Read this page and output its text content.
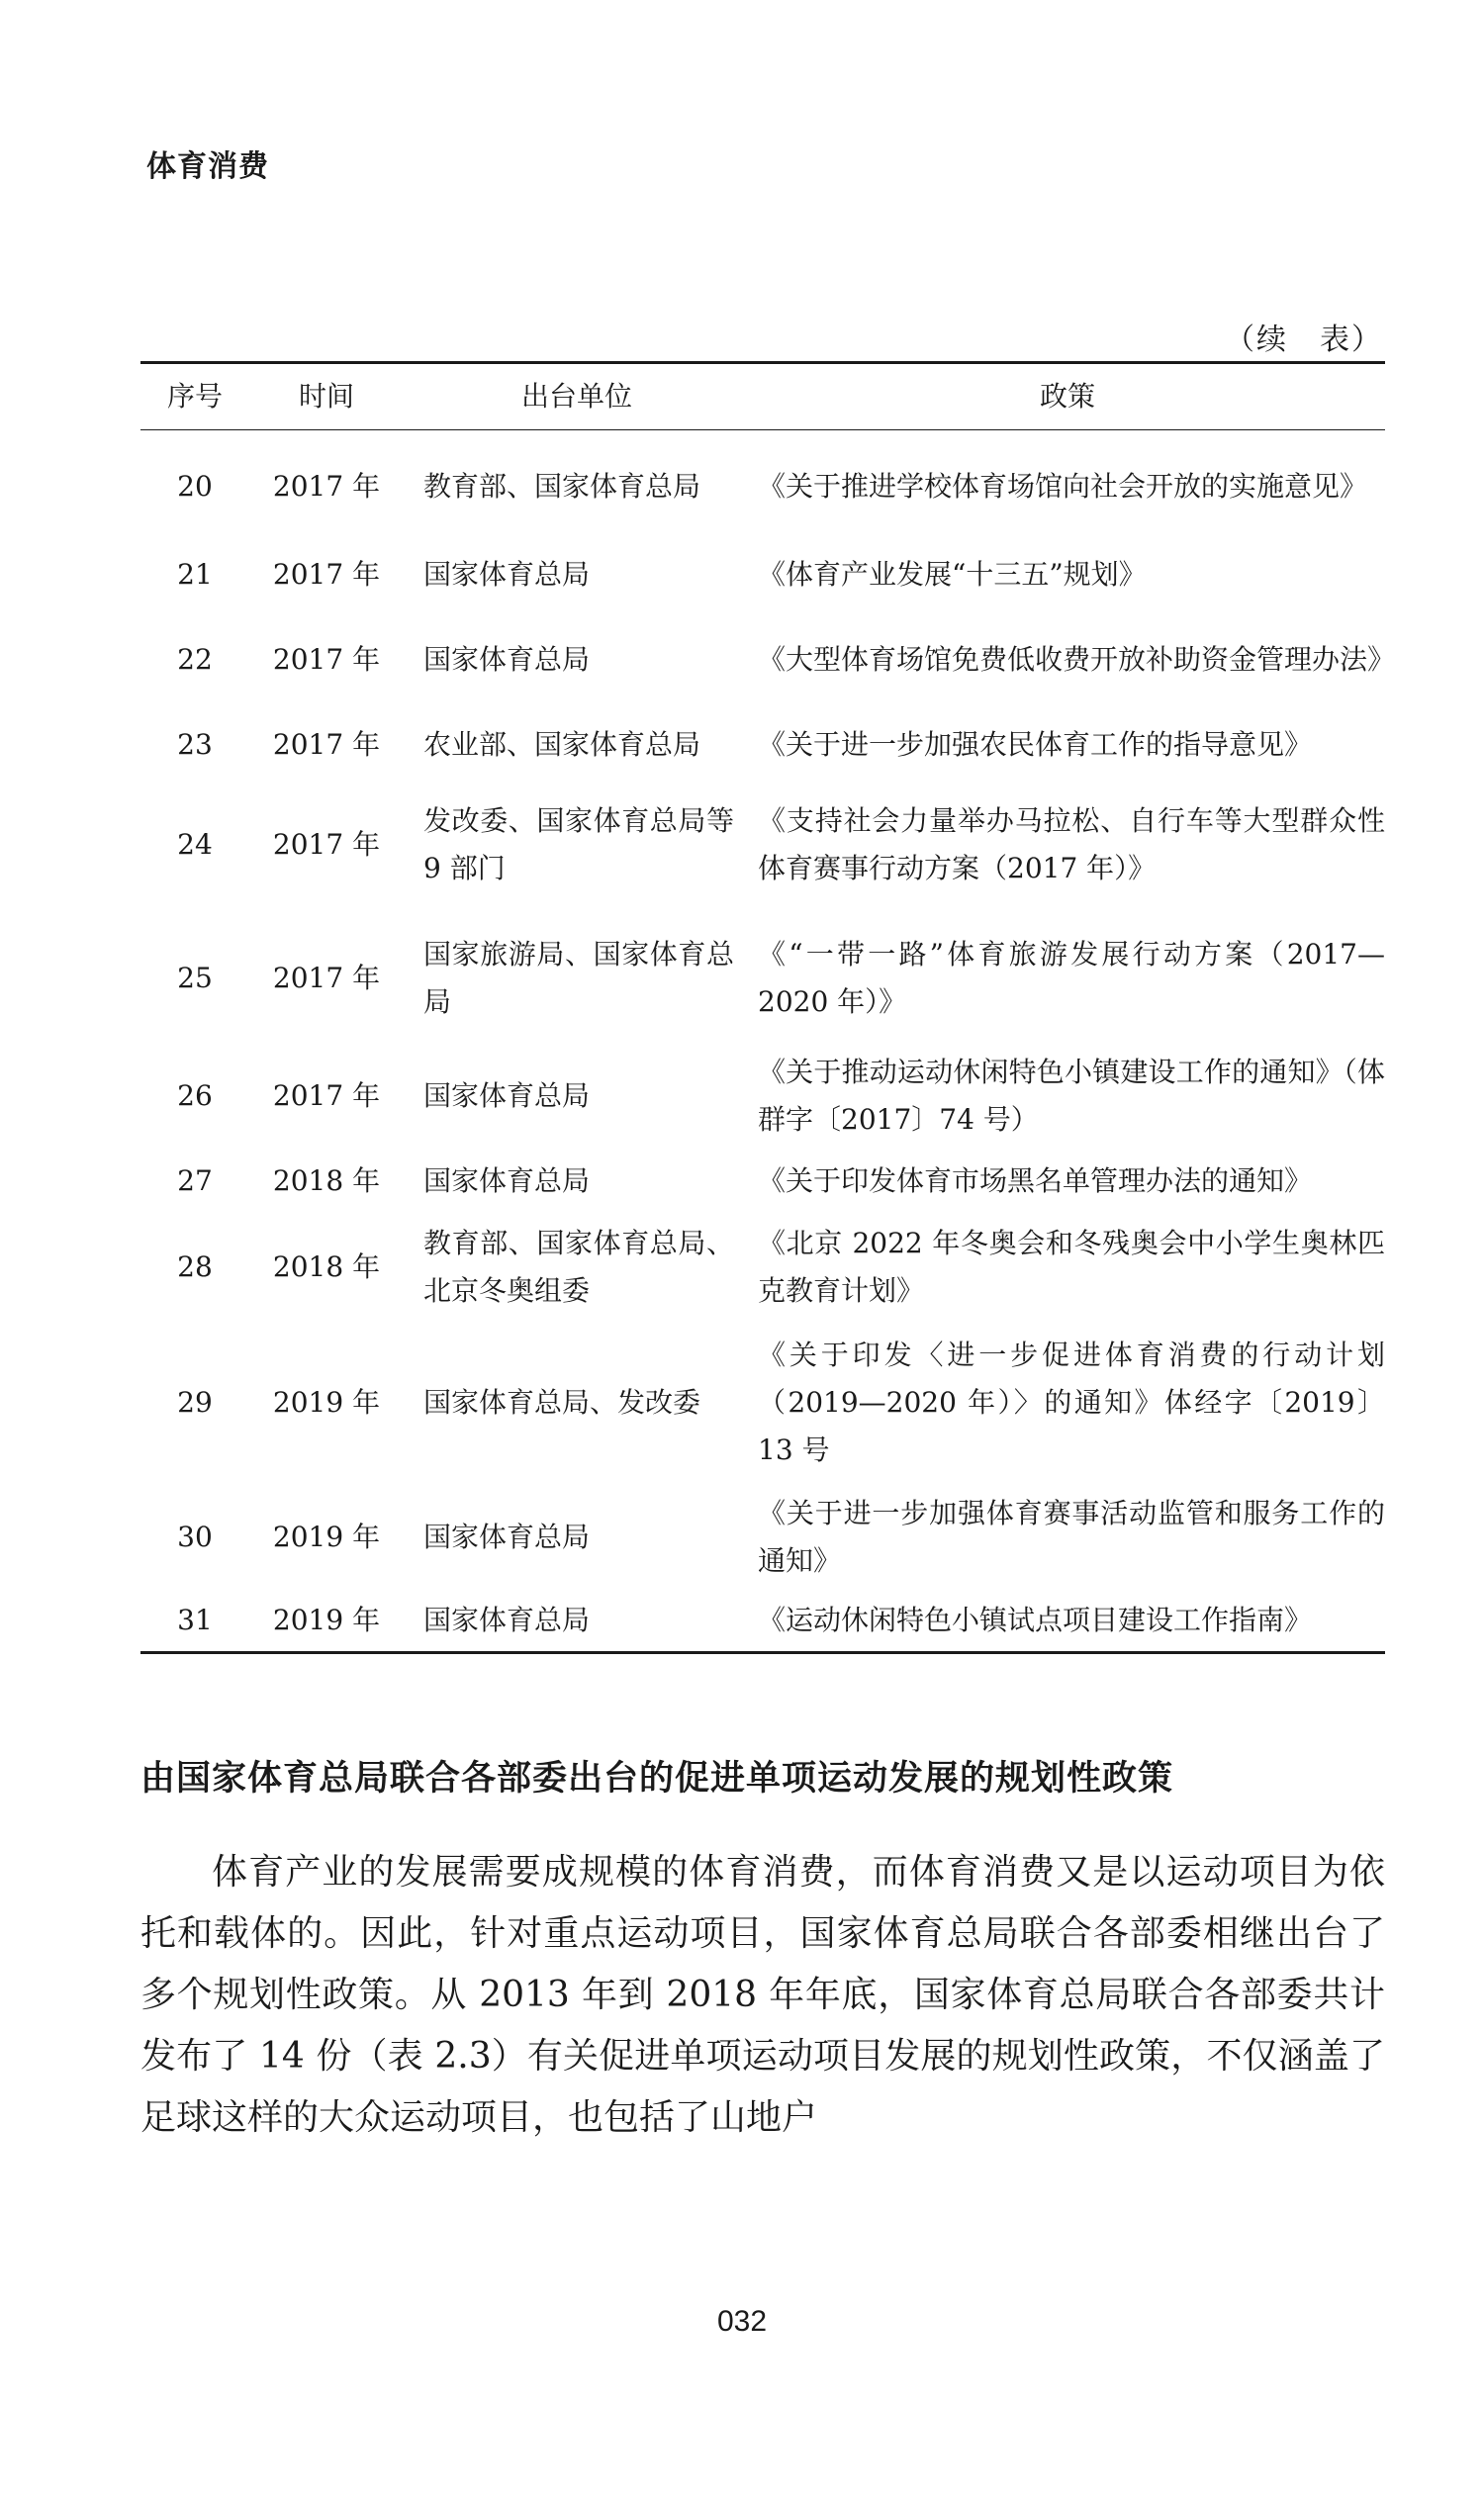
体育消费
（续　表）
序号	时间	出台单位	政策
20	2017 年	教育部、国家体育总局	《关于推进学校体育场馆向社会开放的实施意见》
21	2017 年	国家体育总局	《体育产业发展“十三五”规划》
22	2017 年	国家体育总局	《大型体育场馆免费低收费开放补助资金管理办法》
23	2017 年	农业部、国家体育总局	《关于进一步加强农民体育工作的指导意见》
24	2017 年	发改委、国家体育总局等 9 部门	《支持社会力量举办马拉松、自行车等大型群众性体育赛事行动方案（2017 年）》
25	2017 年	国家旅游局、国家体育总局	《“一带一路”体育旅游发展行动方案（2017—2020 年）》
26	2017 年	国家体育总局	《关于推动运动休闲特色小镇建设工作的通知》（体群字〔2017〕74 号）
27	2018 年	国家体育总局	《关于印发体育市场黑名单管理办法的通知》
28	2018 年	教育部、国家体育总局、北京冬奥组委	《北京 2022 年冬奥会和冬残奥会中小学生奥林匹克教育计划》
29	2019 年	国家体育总局、发改委	《关于印发〈进一步促进体育消费的行动计划（2019—2020 年）〉的通知》体经字〔2019〕13 号
30	2019 年	国家体育总局	《关于进一步加强体育赛事活动监管和服务工作的通知》
31	2019 年	国家体育总局	《运动休闲特色小镇试点项目建设工作指南》
由国家体育总局联合各部委出台的促进单项运动发展的规划性政策

体育产业的发展需要成规模的体育消费，而体育消费又是以运动项目为依托和载体的。因此，针对重点运动项目，国家体育总局联合各部委相继出台了多个规划性政策。从 2013 年到 2018 年年底，国家体育总局联合各部委共计发布了 14 份（表 2.3）有关促进单项运动项目发展的规划性政策，不仅涵盖了足球这样的大众运动项目，也包括了山地户

032
